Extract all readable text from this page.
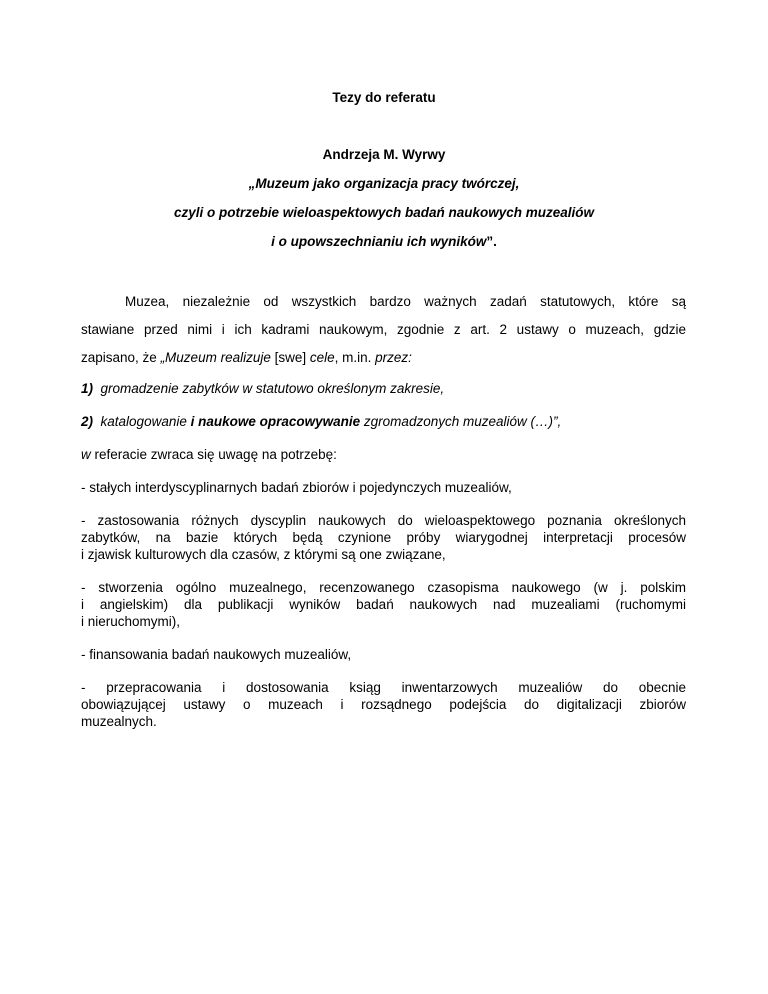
Tezy do referatu
Andrzeja M. Wyrwy
„Muzeum jako organizacja pracy twórczej,
czyli o potrzebie wieloaspektowych badań naukowych muzealiów
i o upowszechnianiu ich wyników”.
Muzea, niezależnie od wszystkich bardzo ważnych zadań statutowych, które są
stawiane przed nimi i ich kadrami naukowym, zgodnie z art. 2 ustawy o muzeach, gdzie
zapisano, że „Muzeum realizuje [swe] cele, m.in. przez:
1) gromadzenie zabytków w statutowo określonym zakresie,
2) katalogowanie i naukowe opracowywanie zgromadzonych muzealiów (…)”,
w referacie zwraca się uwagę na potrzebę:
- stałych interdyscyplinarnych badań zbiorów i pojedynczych muzealiów,
- zastosowania różnych dyscyplin naukowych do wieloaspektowego poznania określonych
zabytków, na bazie których będą czynione próby wiarygodnej interpretacji procesów
i zjawisk kulturowych dla czasów, z którymi są one związane,
- stworzenia ogólno muzealnego, recenzowanego czasopisma naukowego (w j. polskim
i angielskim) dla publikacji wyników badań naukowych nad muzealiami (ruchomymi
i nieruchomymi),
- finansowania badań naukowych muzealiów,
- przepracowania i dostosowania ksiąg inwentarzowych muzealiów do obecnie
obowiązującej ustawy o muzeach i rozsądnego podejścia do digitalizacji zbiorów
muzealnych.
